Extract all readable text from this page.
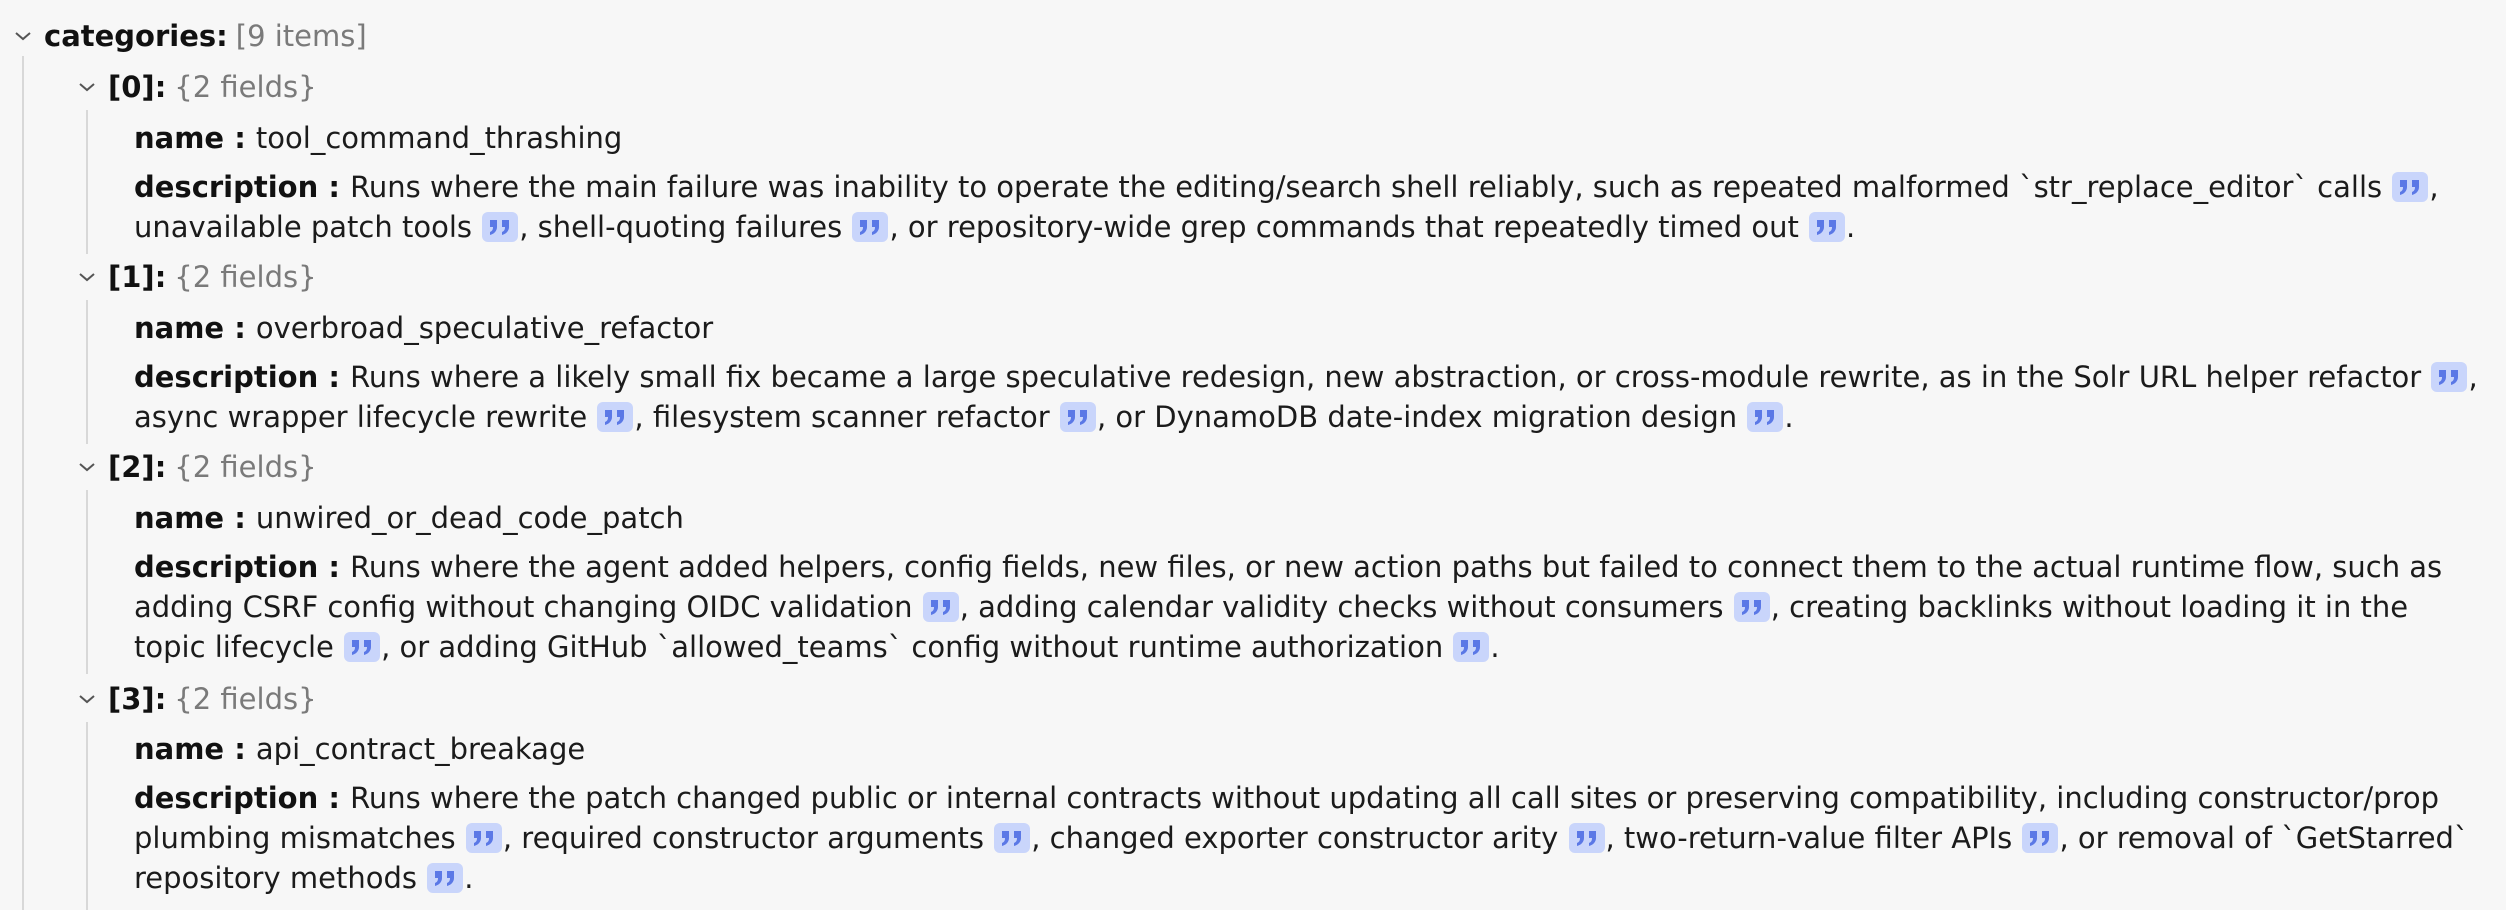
categories: [9 items]
[0]: {2 fields}
name : tool_command_thrashing
description : Runs where the main failure was inability to operate the editing/search shell reliably, such as repeated malformed `str_replace_editor` calls , unavailable patch tools , shell-quoting failures , or repository-wide grep commands that repeatedly timed out .
[1]: {2 fields}
name : overbroad_speculative_refactor
description : Runs where a likely small fix became a large speculative redesign, new abstraction, or cross-module rewrite, as in the Solr URL helper refactor , async wrapper lifecycle rewrite , filesystem scanner refactor , or DynamoDB date-index migration design .
[2]: {2 fields}
name : unwired_or_dead_code_patch
description : Runs where the agent added helpers, config fields, new files, or new action paths but failed to connect them to the actual runtime flow, such as adding CSRF config without changing OIDC validation , adding calendar validity checks without consumers , creating backlinks without loading it in the topic lifecycle , or adding GitHub `allowed_teams` config without runtime authorization .
[3]: {2 fields}
name : api_contract_breakage
description : Runs where the patch changed public or internal contracts without updating all call sites or preserving compatibility, including constructor/prop plumbing mismatches , required constructor arguments , changed exporter constructor arity , two-return-value filter APIs , or removal of `GetStarred` repository methods .
